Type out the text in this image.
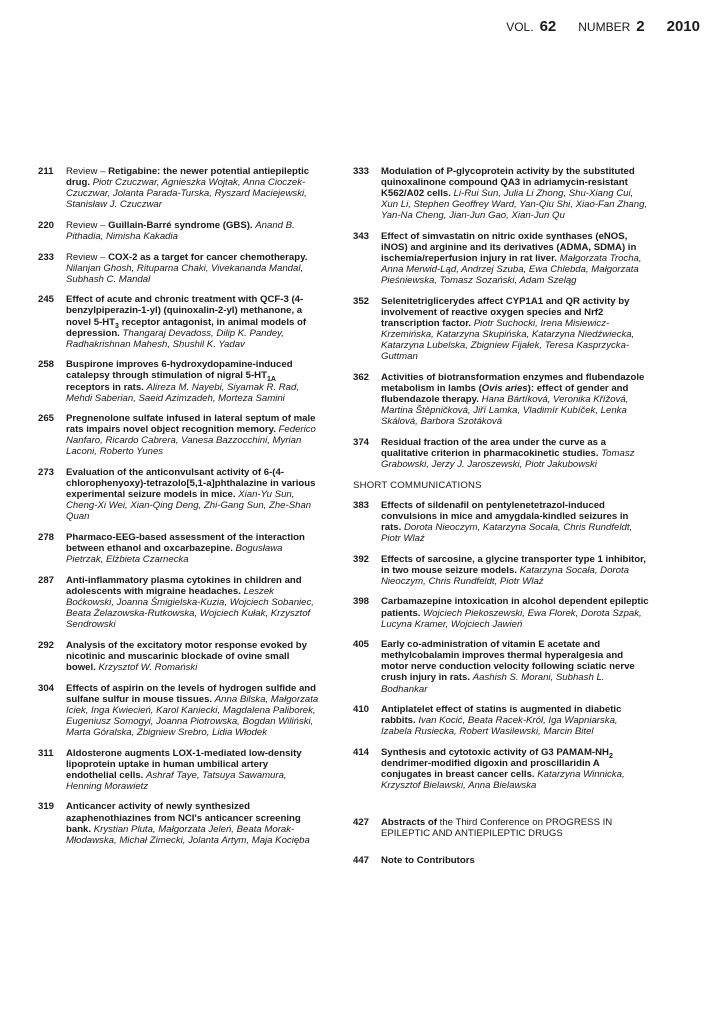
VOL. 62 NUMBER 2 2010
211 Review – Retigabine: the newer potential antiepileptic drug. Piotr Czuczwar, Agnieszka Wojtak, Anna Cioczek-Czuczwar, Jolanta Parada-Turska, Ryszard Maciejewski, Stanisław J. Czuczwar
220 Review – Guillain-Barré syndrome (GBS). Anand B. Pithadia, Nimisha Kakadia
233 Review – COX-2 as a target for cancer chemotherapy. Nilanjan Ghosh, Rituparna Chaki, Vivekananda Mandal, Subhash C. Mandal
245 Effect of acute and chronic treatment with QCF-3 (4-benzylpiperazin-1-yl) (quinoxalin-2-yl) methanone, a novel $5-HT_3$ receptor antagonist, in animal models of depression. Thangaraj Devadoss, Dilip K. Pandey, Radhakrishnan Mahesh, Shushil K. Yadav
258 Buspirone improves 6-hydroxydopamine-induced catalepsy through stimulation of nigral $5-HT_{1A}$ receptors in rats. Alireza M. Nayebi, Siyamak R. Rad, Mehdi Saberian, Saeid Azimzadeh, Morteza Samini
265 Pregnenolone sulfate infused in lateral septum of male rats impairs novel object recognition memory. Federico Nanfaro, Ricardo Cabrera, Vanesa Bazzocchini, Myrian Laconi, Roberto Yunes
273 Evaluation of the anticonvulsant activity of 6-(4-chlorophenyoxy)-tetrazolo[5,1-a]phthalazine in various experimental seizure models in mice. Xian-Yu Sun, Cheng-Xi Wei, Xian-Qing Deng, Zhi-Gang Sun, Zhe-Shan Quan
278 Pharmaco-EEG-based assessment of the interaction between ethanol and oxcarbazepine. Bogusława Pietrzak, Elżbieta Czarnecka
287 Anti-inflammatory plasma cytokines in children and adolescents with migraine headaches. Leszek Boćkowski, Joanna Śmigielska-Kuzia, Wojciech Sobaniec, Beata Żelazowska-Rutkowska, Wojciech Kułak, Krzysztof Sendrowski
292 Analysis of the excitatory motor response evoked by nicotinic and muscarinic blockade of ovine small bowel. Krzysztof W. Romański
304 Effects of aspirin on the levels of hydrogen sulfide and sulfane sulfur in mouse tissues. Anna Bilska, Małgorzata Iciek, Inga Kwiecień, Karol Kaniecki, Magdalena Paliborek, Eugeniusz Somogyi, Joanna Piotrowska, Bogdan Wiliński, Marta Góralska, Zbigniew Srebro, Lidia Włodek
311 Aldosterone augments LOX-1-mediated low-density lipoprotein uptake in human umbilical artery endothelial cells. Ashraf Taye, Tatsuya Sawamura, Henning Morawietz
319 Anticancer activity of newly synthesized azaphenothiazines from NCI's anticancer screening bank. Krystian Pluta, Małgorzata Jeleń, Beata Morak-Młodawska, Michał Zimecki, Jolanta Artym, Maja Kocięba
333 Modulation of P-glycoprotein activity by the substituted quinoxalinone compound QA3 in adriamycin-resistant K562/A02 cells. Li-Rui Sun, Julia Li Zhong, Shu-Xiang Cui, Xun Li, Stephen Geoffrey Ward, Yan-Qiu Shi, Xiao-Fan Zhang, Yan-Na Cheng, Jian-Jun Gao, Xian-Jun Qu
343 Effect of simvastatin on nitric oxide synthases (eNOS, iNOS) and arginine and its derivatives (ADMA, SDMA) in ischemia/reperfusion injury in rat liver. Małgorzata Trocha, Anna Merwid-Ląd, Andrzej Szuba, Ewa Chlebda, Małgorzata Pieśniewska, Tomasz Sozański, Adam Szeląg
352 Selenitetriglicerydes affect CYP1A1 and QR activity by involvement of reactive oxygen species and Nrf2 transcription factor. Piotr Suchocki, Irena Misiewicz-Krzemińska, Katarzyna Skupińska, Katarzyna Niedźwiecka, Katarzyna Lubelska, Zbigniew Fijałek, Teresa Kasprzycka-Guttman
362 Activities of biotransformation enzymes and flubendazole metabolism in lambs (Ovis aries): effect of gender and flubendazole therapy. Hana Bártíková, Veronika Křížová, Martina Štěpničková, Jiří Lamka, Vladimír Kubíček, Lenka Skálová, Barbora Szotáková
374 Residual fraction of the area under the curve as a qualitative criterion in pharmacokinetic studies. Tomasz Grabowski, Jerzy J. Jaroszewski, Piotr Jakubowski
SHORT COMMUNICATIONS
383 Effects of sildenafil on pentylenetetrazol-induced convulsions in mice and amygdala-kindled seizures in rats. Dorota Nieoczym, Katarzyna Socała, Chris Rundfeldt, Piotr Wlaź
392 Effects of sarcosine, a glycine transporter type 1 inhibitor, in two mouse seizure models. Katarzyna Socała, Dorota Nieoczym, Chris Rundfeldt, Piotr Wlaź
398 Carbamazepine intoxication in alcohol dependent epileptic patients. Wojciech Piekoszewski, Ewa Florek, Dorota Szpak, Lucyna Kramer, Wojciech Jawień
405 Early co-administration of vitamin E acetate and methylcobalamin improves thermal hyperalgesia and motor nerve conduction velocity following sciatic nerve crush injury in rats. Aashish S. Morani, Subhash L. Bodhankar
410 Antiplatelet effect of statins is augmented in diabetic rabbits. Ivan Kocić, Beata Racek-Król, Iga Wapniarska, Izabela Rusiecka, Robert Wasilewski, Marcin Bitel
414 Synthesis and cytotoxic activity of G3 PAMAM-$NH_2$ dendrimer-modified digoxin and proscillaridin A conjugates in breast cancer cells. Katarzyna Winnicka, Krzysztof Bielawski, Anna Bielawska
427 Abstracts of the Third Conference on PROGRESS IN EPILEPTIC AND ANTIEPILEPTIC DRUGS
447 Note to Contributors
